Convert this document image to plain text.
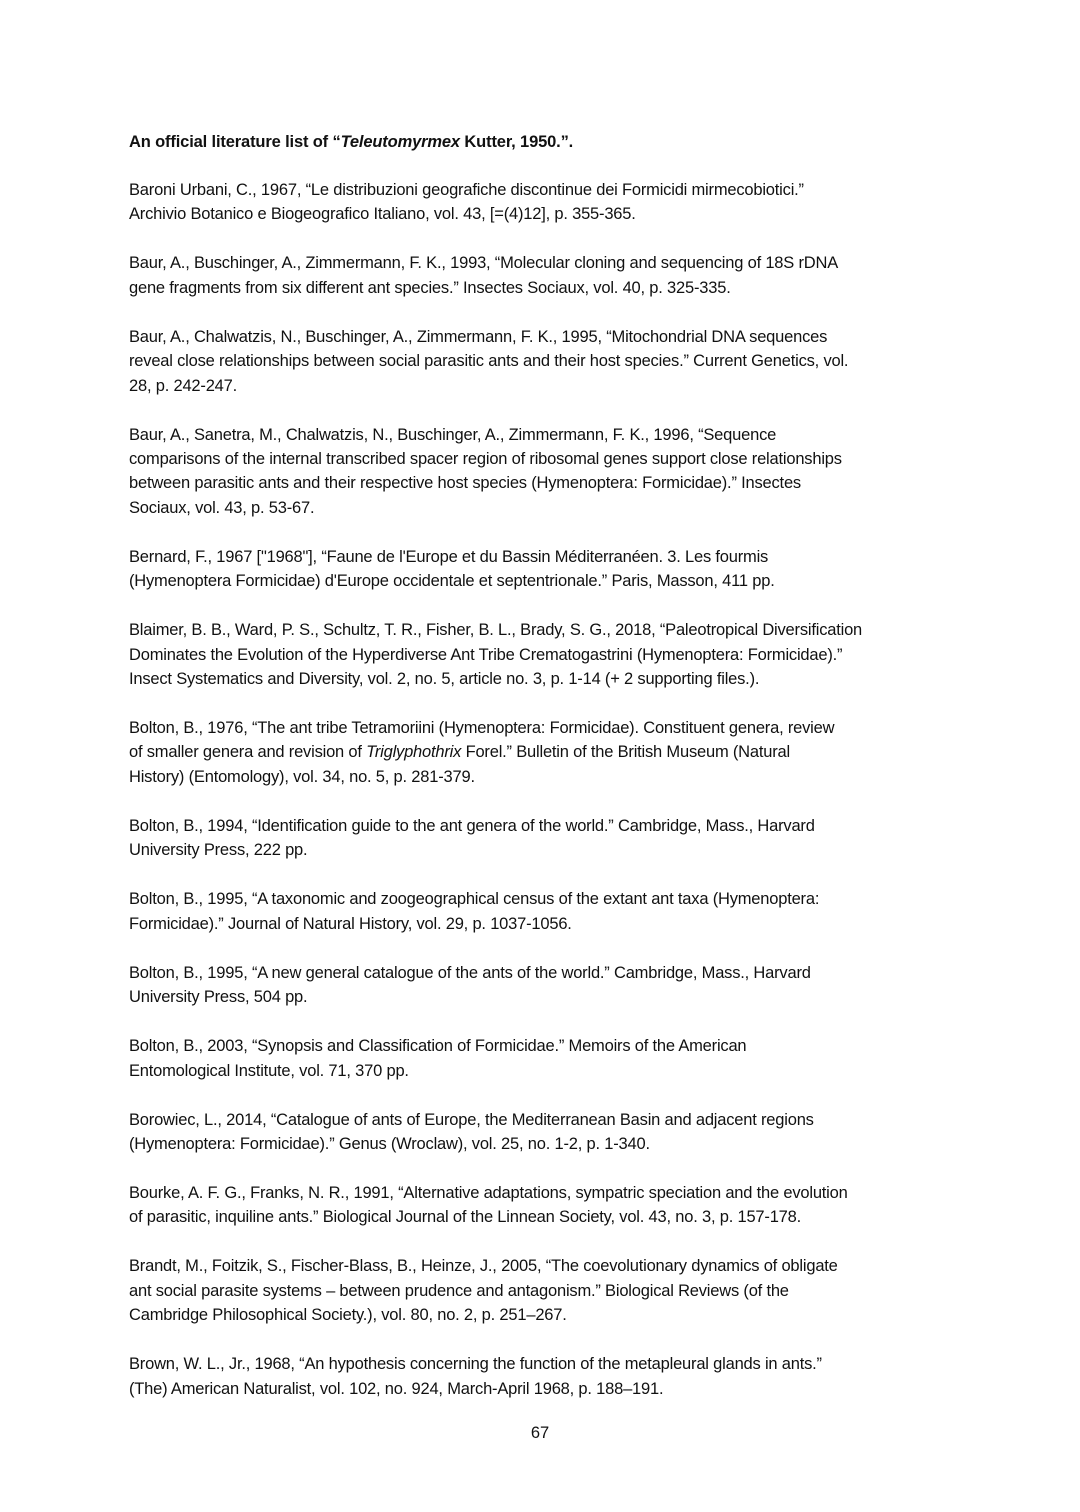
An official literature list of “Teleutomyrmex Kutter, 1950.”.

Baroni Urbani, C., 1967, “Le distribuzioni geografiche discontinue dei Formicidi mirmecobiotici.”
Archivio Botanico e Biogeografico Italiano, vol. 43, [=(4)12], p. 355-365.

Baur, A., Buschinger, A., Zimmermann, F. K., 1993, “Molecular cloning and sequencing of 18S rDNA
gene fragments from six different ant species.” Insectes Sociaux, vol. 40, p. 325-335.

Baur, A., Chalwatzis, N., Buschinger, A., Zimmermann, F. K., 1995, “Mitochondrial DNA sequences
reveal close relationships between social parasitic ants and their host species.” Current Genetics, vol.
28, p. 242-247.

Baur, A., Sanetra, M., Chalwatzis, N., Buschinger, A., Zimmermann, F. K., 1996, “Sequence
comparisons of the internal transcribed spacer region of ribosomal genes support close relationships
between parasitic ants and their respective host species (Hymenoptera: Formicidae).” Insectes
Sociaux, vol. 43, p. 53-67.

Bernard, F., 1967 ["1968"], “Faune de l'Europe et du Bassin Méditerranéen. 3. Les fourmis
(Hymenoptera Formicidae) d'Europe occidentale et septentrionale.” Paris, Masson, 411 pp.

Blaimer, B. B., Ward, P. S., Schultz, T. R., Fisher, B. L., Brady, S. G., 2018, “Paleotropical Diversification
Dominates the Evolution of the Hyperdiverse Ant Tribe Crematogastrini (Hymenoptera: Formicidae).”
Insect Systematics and Diversity, vol. 2, no. 5, article no. 3, p. 1-14 (+ 2 supporting files.).

Bolton, B., 1976, “The ant tribe Tetramoriini (Hymenoptera: Formicidae). Constituent genera, review
of smaller genera and revision of Triglyphothrix Forel.” Bulletin of the British Museum (Natural
History) (Entomology), vol. 34, no. 5, p. 281-379.

Bolton, B., 1994, “Identification guide to the ant genera of the world.” Cambridge, Mass., Harvard
University Press, 222 pp.

Bolton, B., 1995, “A taxonomic and zoogeographical census of the extant ant taxa (Hymenoptera:
Formicidae).” Journal of Natural History, vol. 29, p. 1037-1056.

Bolton, B., 1995, “A new general catalogue of the ants of the world.” Cambridge, Mass., Harvard
University Press, 504 pp.

Bolton, B., 2003, “Synopsis and Classification of Formicidae.” Memoirs of the American
Entomological Institute, vol. 71, 370 pp.

Borowiec, L., 2014, “Catalogue of ants of Europe, the Mediterranean Basin and adjacent regions
(Hymenoptera: Formicidae).” Genus (Wroclaw), vol. 25, no. 1-2, p. 1-340.

Bourke, A. F. G., Franks, N. R., 1991, “Alternative adaptations, sympatric speciation and the evolution
of parasitic, inquiline ants.” Biological Journal of the Linnean Society, vol. 43, no. 3, p. 157-178.

Brandt, M., Foitzik, S., Fischer-Blass, B., Heinze, J., 2005, “The coevolutionary dynamics of obligate
ant social parasite systems – between prudence and antagonism.” Biological Reviews (of the
Cambridge Philosophical Society.), vol. 80, no. 2, p. 251–267.

Brown, W. L., Jr., 1968, “An hypothesis concerning the function of the metapleural glands in ants.”
(The) American Naturalist, vol. 102, no. 924, March-April 1968, p. 188–191.

67
